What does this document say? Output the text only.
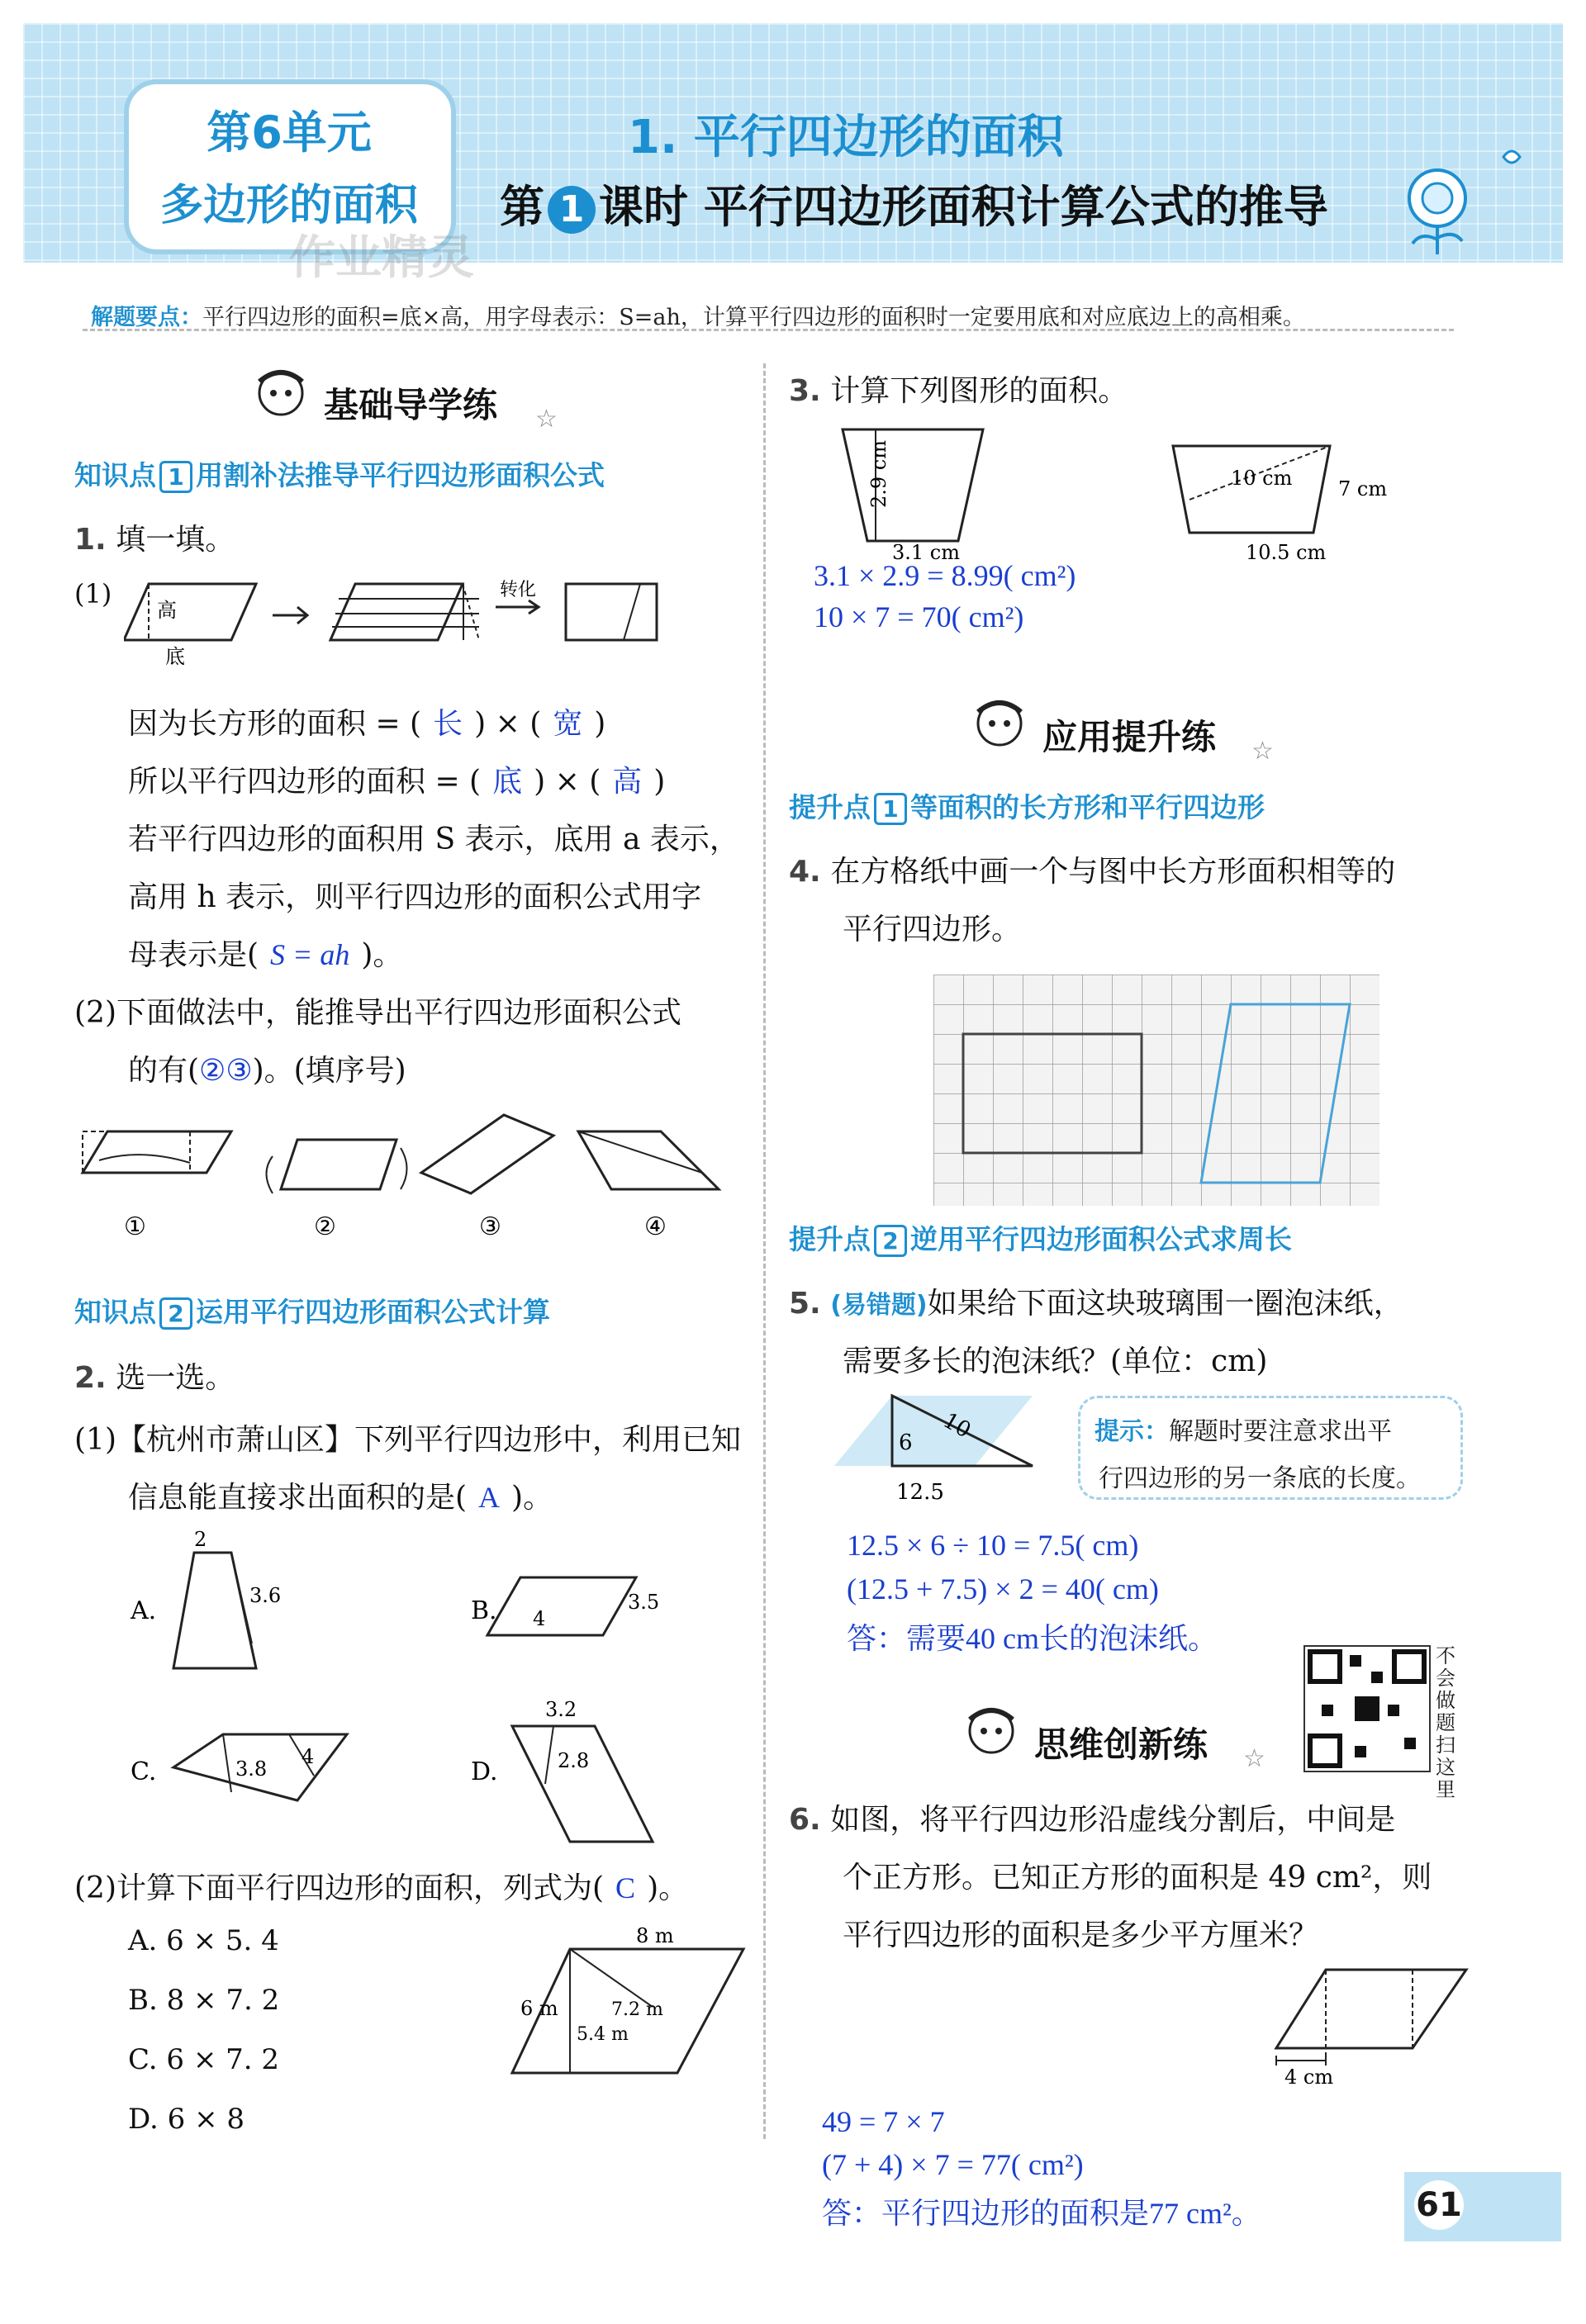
第6单元
多边形的面积
作业精灵
1. 平行四边形的面积
第 1 课时 平行四边形面积计算公式的推导
解题要点：平行四边形的面积=底×高，用字母表示：S=ah，计算平行四边形的面积时一定要用底和对应底边上的高相乘。
基础导学练 ☆
知识点 1 用割补法推导平行四边形面积公式
1. 填一填。
(1)
高
底
转化
因为长方形的面积 = ( 长 ) × ( 宽 )
所以平行四边形的面积 = ( 底 ) × ( 高 )
若平行四边形的面积用 S 表示，底用 a 表示，
高用 h 表示，则平行四边形的面积公式用字
母表示是( S = ah )。
(2)下面做法中，能推导出平行四边形面积公式
的有(②③)。(填序号)
①	②	③	④
知识点 2 运用平行四边形面积公式计算
2. 选一选。
(1)【杭州市萧山区】下列平行四边形中，利用已知
信息能直接求出面积的是( A )。
A.
2
3.6
B. 4
3.5
C.	3.8
4
D.
3.2
2.8
(2)计算下面平行四边形的面积，列式为( C )。
A. 6 × 5. 4
B. 8 × 7. 2
C. 6 × 7. 2
D. 6 × 8
8 m
6 m
5.4 m
7.2 m
3. 计算下列图形的面积。
2.9 cm
3.1 cm
10 cm 7 cm
10.5 cm
3.1 × 2.9 = 8.99( cm²)
10 × 7 = 70( cm²)
应用提升练 ☆
提升点 1 等面积的长方形和平行四边形
4. 在方格纸中画一个与图中长方形面积相等的
平行四边形。
提升点 2 逆用平行四边形面积公式求周长
5. (易错题)如果给下面这块玻璃围一圈泡沫纸，
需要多长的泡沫纸？(单位：cm)
10
6
12.5
提示：解题时要注意求出平
行四边形的另一条底的长度。
12.5 × 6 ÷ 10 = 7.5( cm)
(12.5 + 7.5) × 2 = 40( cm)
答：需要40 cm长的泡沫纸。
不会做题扫这里
思维创新练 ☆
6. 如图，将平行四边形沿虚线分割后，中间是
个正方形。已知正方形的面积是 49 cm²，则
平行四边形的面积是多少平方厘米？
4 cm
49 = 7 × 7
(7 + 4) × 7 = 77( cm²)
答：平行四边形的面积是77 cm²。	61
